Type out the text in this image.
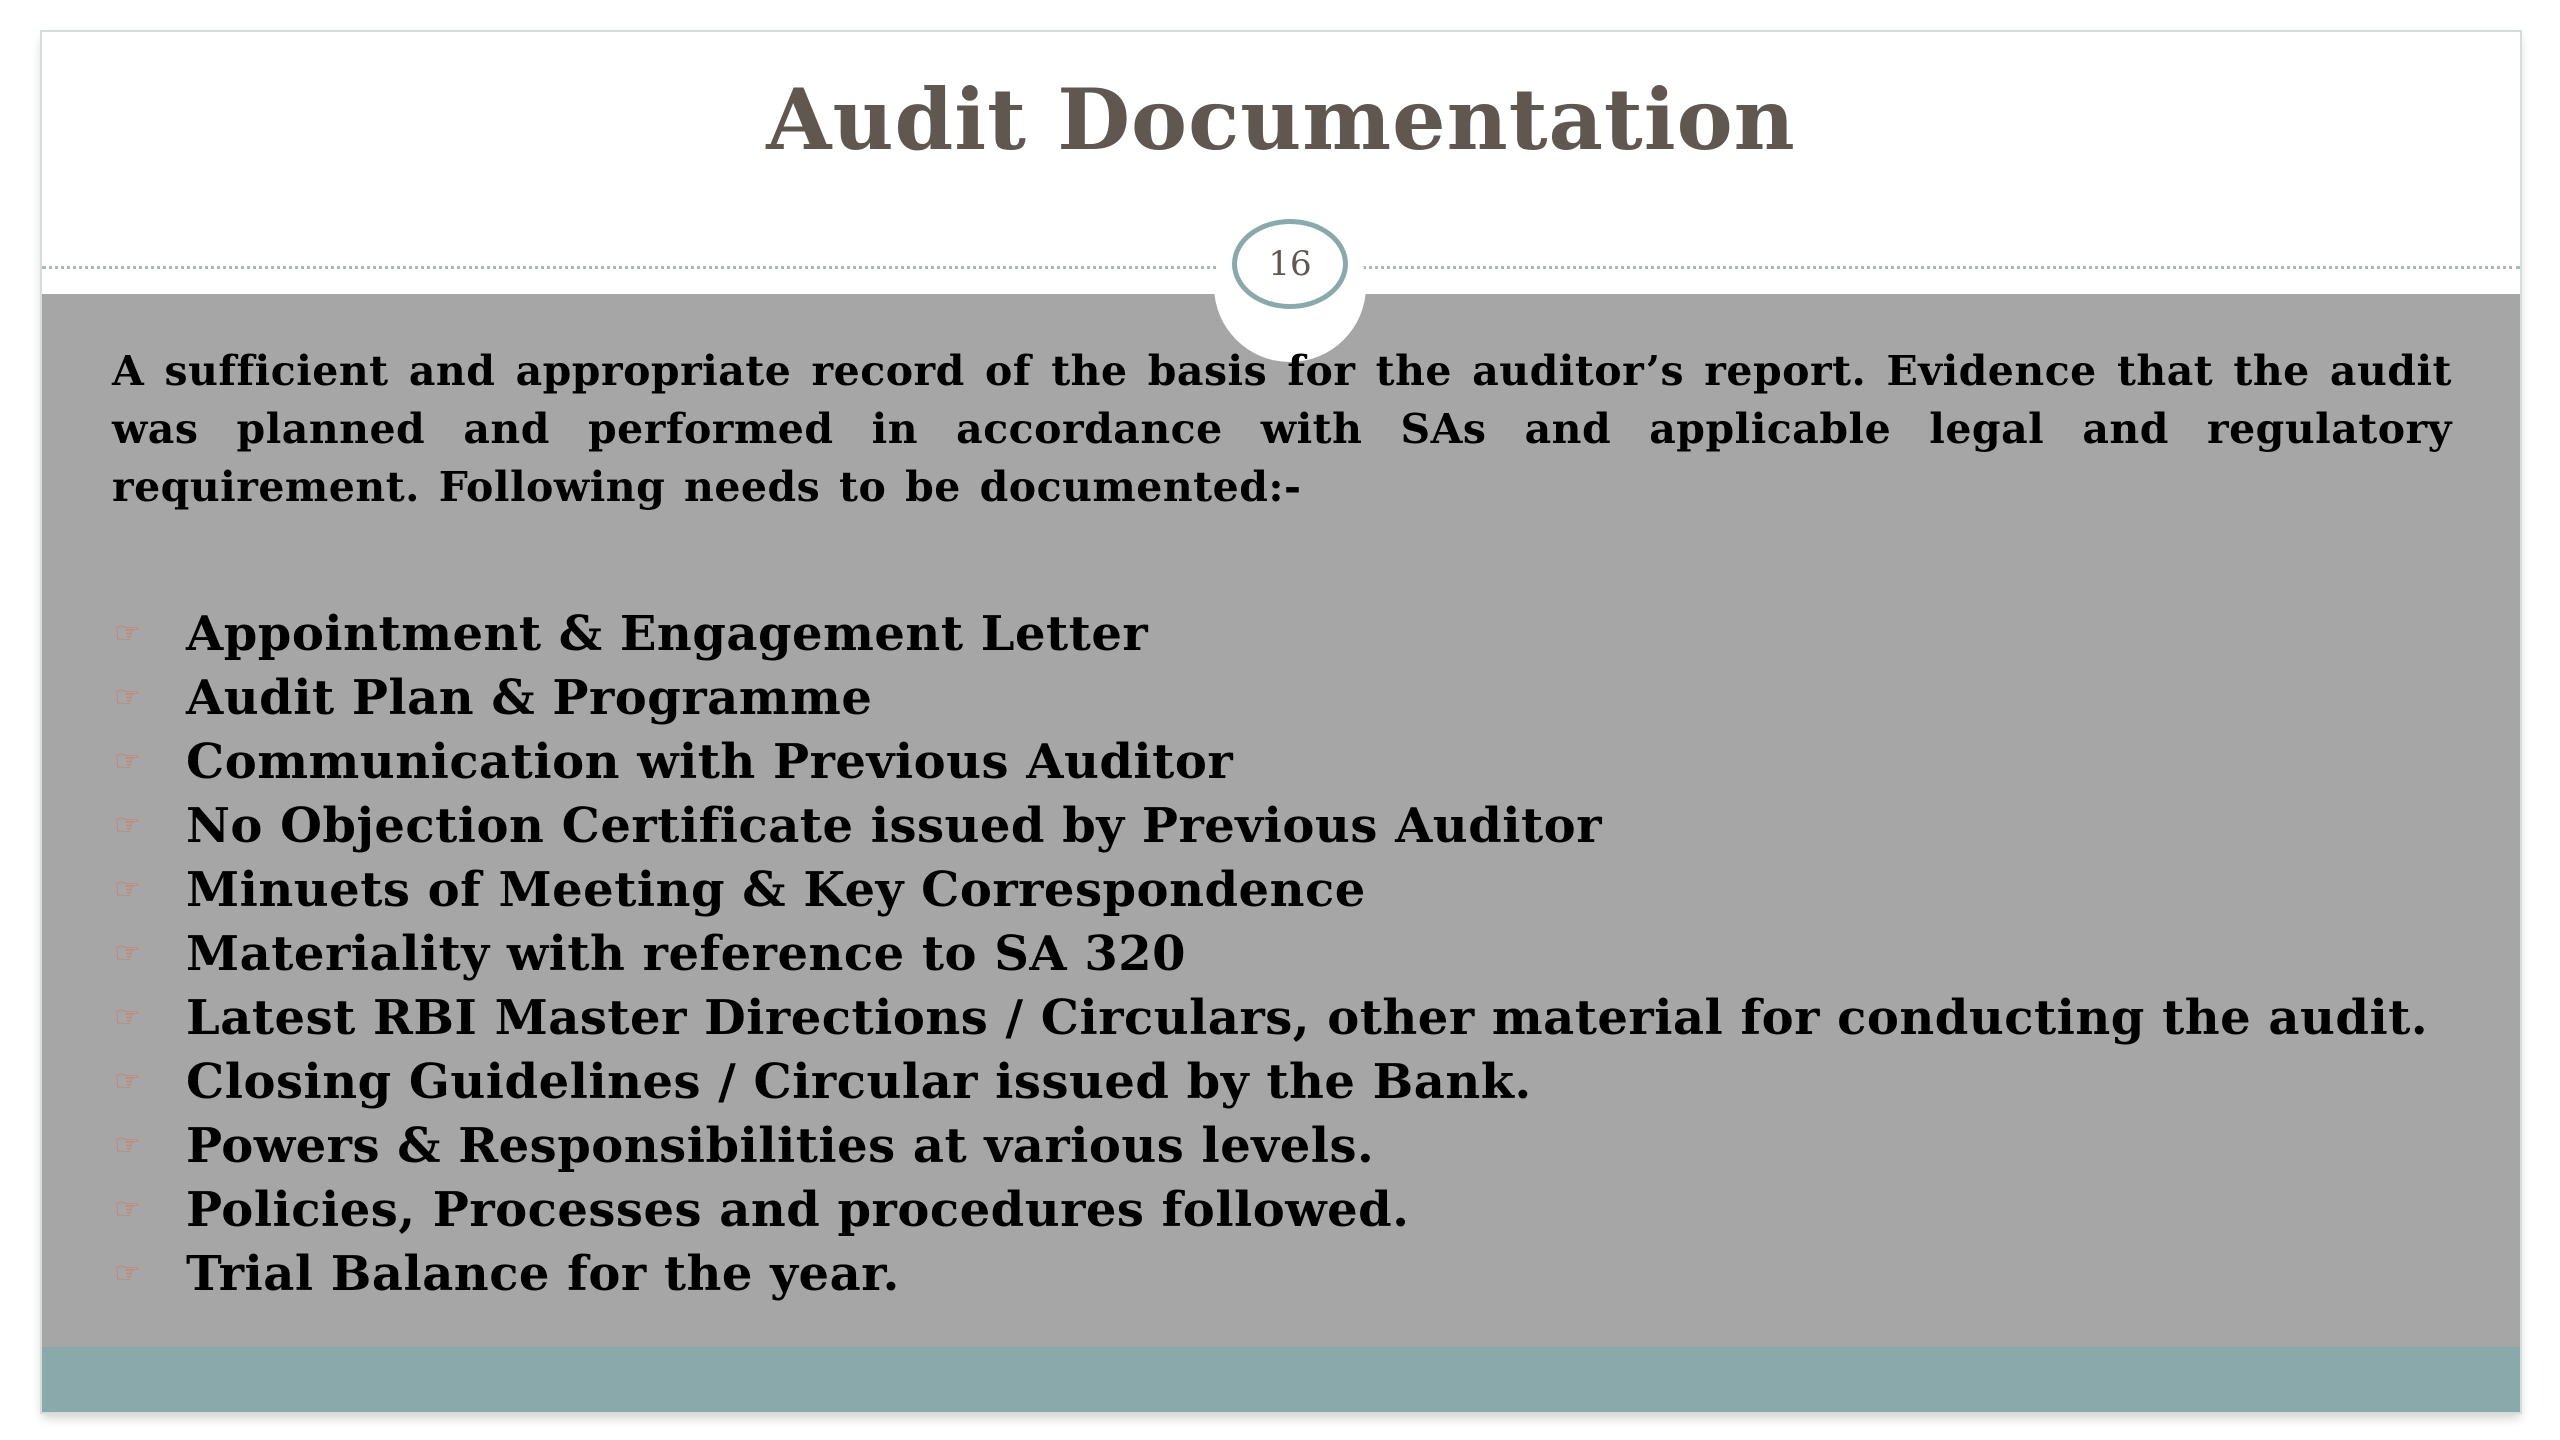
Audit Documentation
16

A sufficient and appropriate record of the basis for the auditor’s report. Evidence that the audit was planned and performed in accordance with SAs and applicable legal and regulatory requirement. Following needs to be documented:-

☞ Appointment & Engagement Letter
☞ Audit Plan & Programme
☞ Communication with Previous Auditor
☞ No Objection Certificate issued by Previous Auditor
☞ Minuets of Meeting & Key Correspondence
☞ Materiality with reference to SA 320
☞ Latest RBI Master Directions / Circulars, other material for conducting the audit.
☞ Closing Guidelines / Circular issued by the Bank.
☞ Powers & Responsibilities at various levels.
☞ Policies, Processes and procedures followed.
☞ Trial Balance for the year.
